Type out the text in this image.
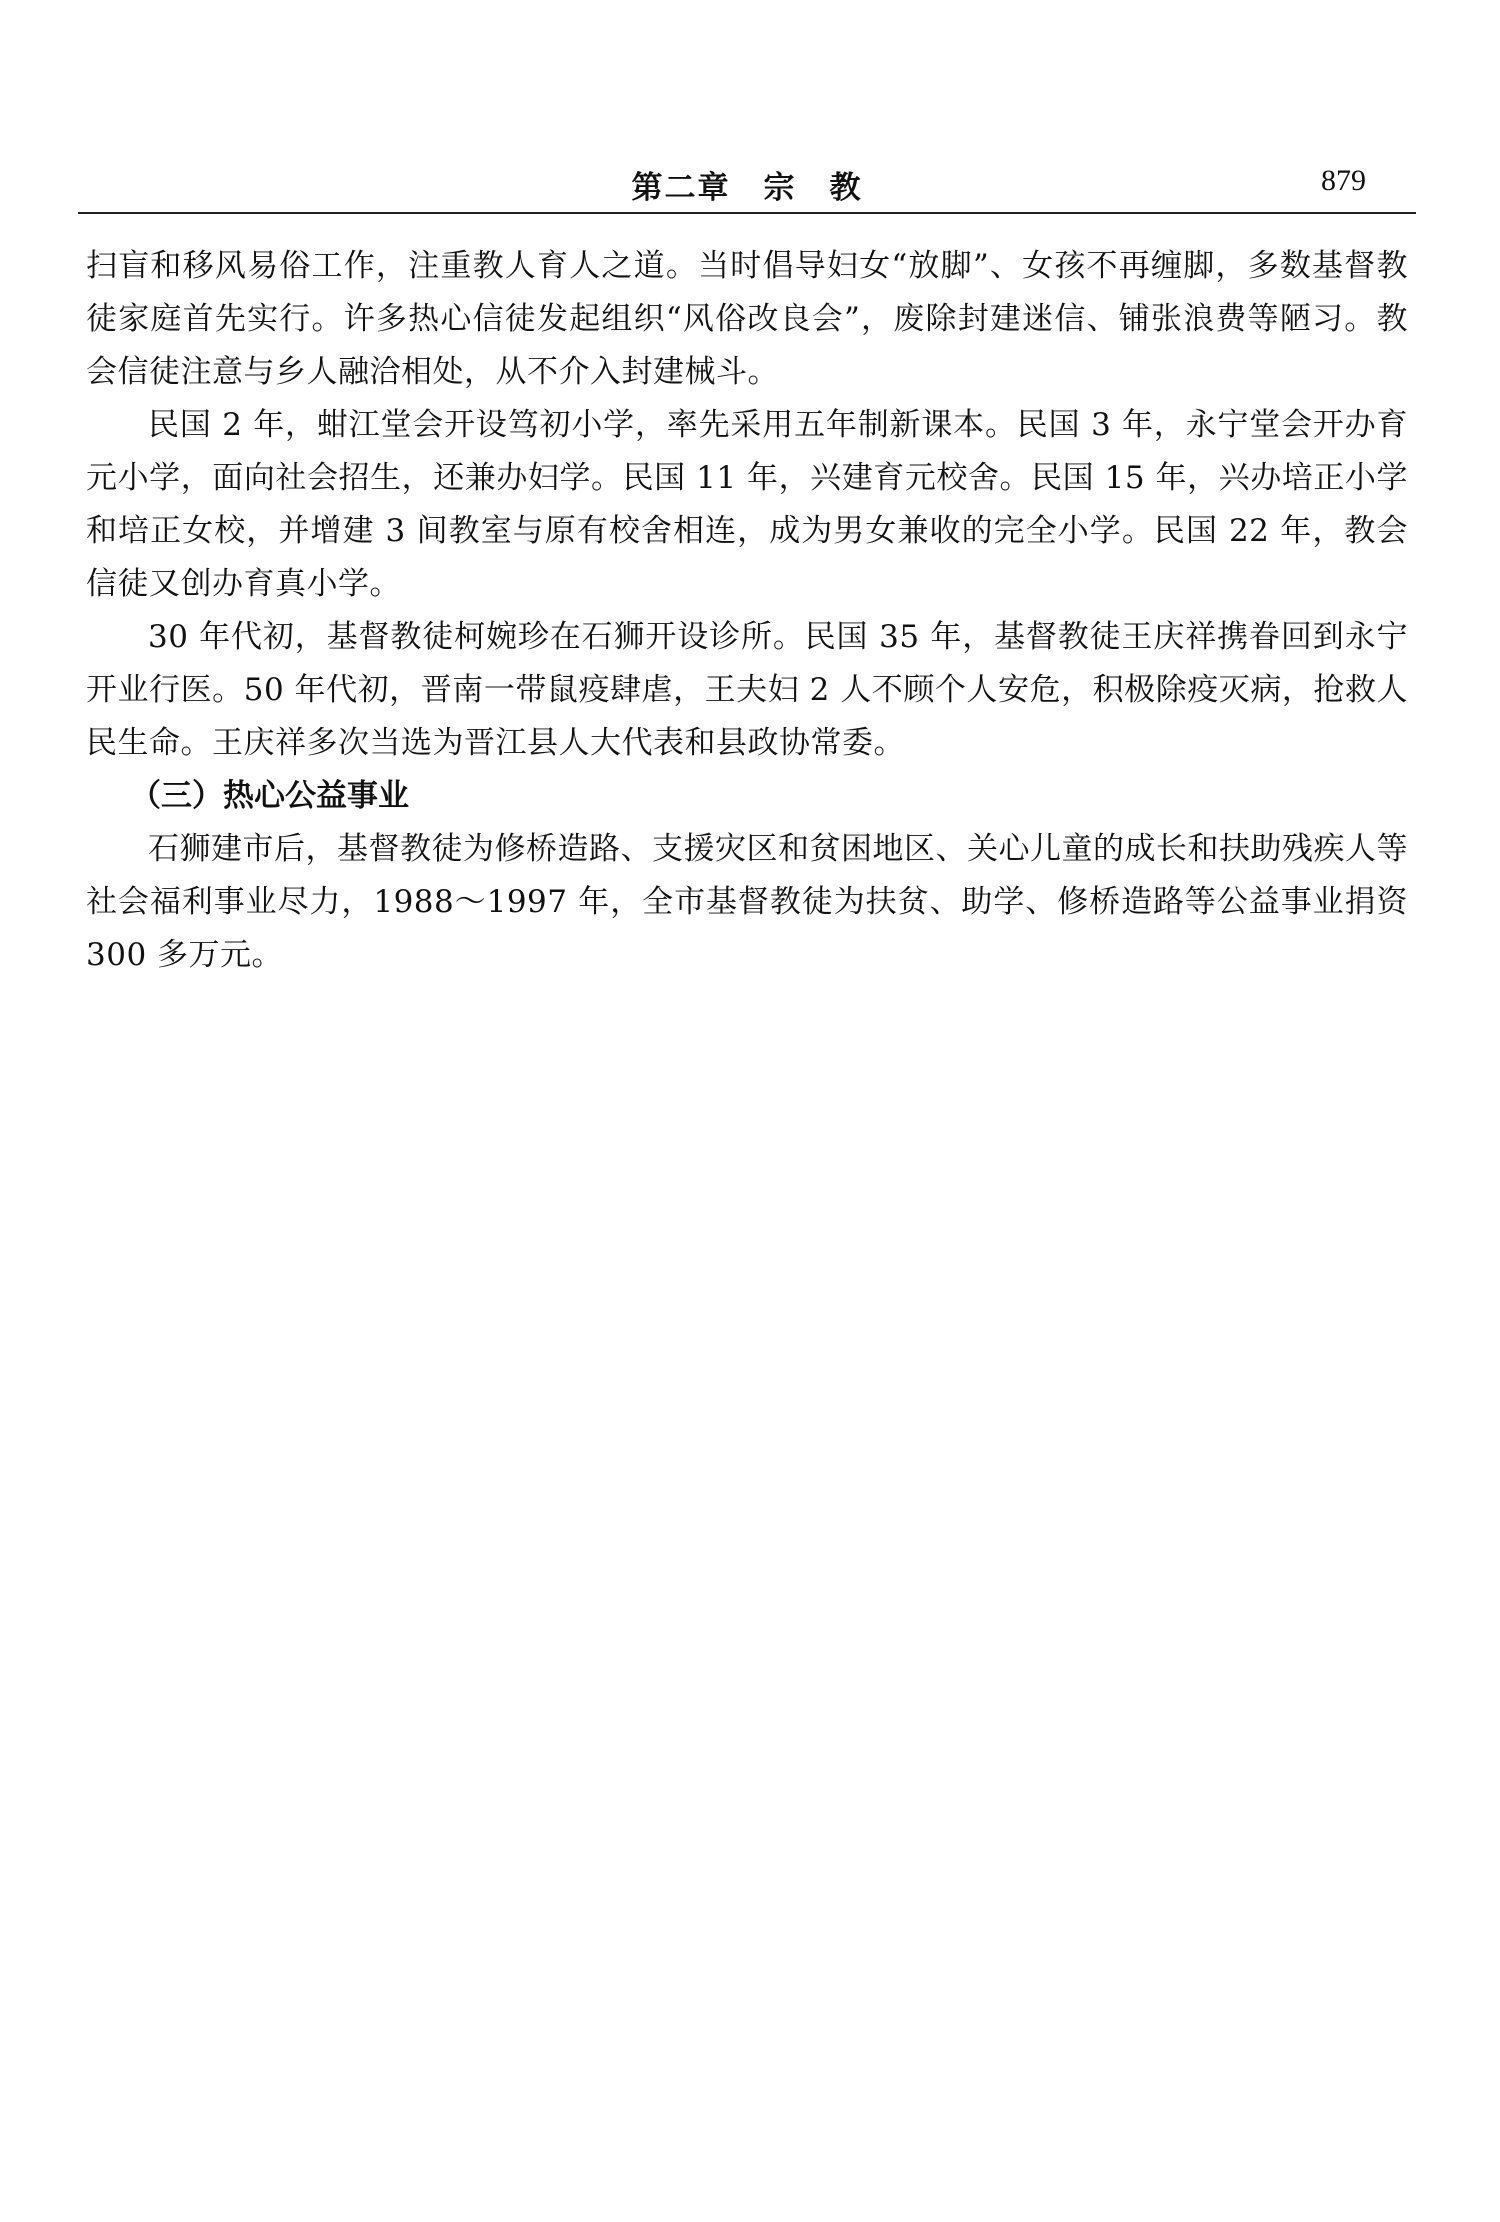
第二章　宗　教	879

扫盲和移风易俗工作，注重教人育人之道。当时倡导妇女“放脚”、女孩不再缠脚，多数基督教徒家庭首先实行。许多热心信徒发起组织“风俗改良会”，废除封建迷信、铺张浪费等陋习。教会信徒注意与乡人融洽相处，从不介入封建械斗。

民国 2 年，蚶江堂会开设笃初小学，率先采用五年制新课本。民国 3 年，永宁堂会开办育元小学，面向社会招生，还兼办妇学。民国 11 年，兴建育元校舍。民国 15 年，兴办培正小学和培正女校，并增建 3 间教室与原有校舍相连，成为男女兼收的完全小学。民国 22 年，教会信徒又创办育真小学。

30 年代初，基督教徒柯婉珍在石狮开设诊所。民国 35 年，基督教徒王庆祥携眷回到永宁开业行医。50 年代初，晋南一带鼠疫肆虐，王夫妇 2 人不顾个人安危，积极除疫灭病，抢救人民生命。王庆祥多次当选为晋江县人大代表和县政协常委。

（三）热心公益事业

石狮建市后，基督教徒为修桥造路、支援灾区和贫困地区、关心儿童的成长和扶助残疾人等社会福利事业尽力，1988～1997 年，全市基督教徒为扶贫、助学、修桥造路等公益事业捐资 300 多万元。
